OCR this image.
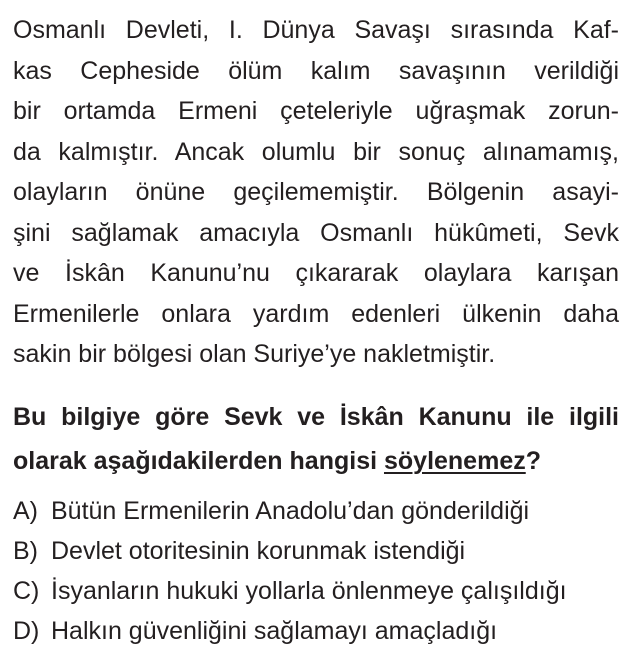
Osmanlı Devleti, I. Dünya Savaşı sırasında Kaf-
kas Cepheside ölüm kalım savaşının verildiği
bir ortamda Ermeni çeteleriyle uğraşmak zorun-
da kalmıştır. Ancak olumlu bir sonuç alınamamış,
olayların önüne geçilememiştir. Bölgenin asayi-
şini sağlamak amacıyla Osmanlı hükûmeti, Sevk
ve İskân Kanunu’nu çıkararak olaylara karışan
Ermenilerle onlara yardım edenleri ülkenin daha
sakin bir bölgesi olan Suriye’ye nakletmiştir.
Bu bilgiye göre Sevk ve İskân Kanunu ile ilgili
olarak aşağıdakilerden hangisi söylenemez?
A) Bütün Ermenilerin Anadolu’dan gönderildiği
B) Devlet otoritesinin korunmak istendiği
C) İsyanların hukuki yollarla önlenmeye çalışıldığı
D) Halkın güvenliğini sağlamayı amaçladığı
